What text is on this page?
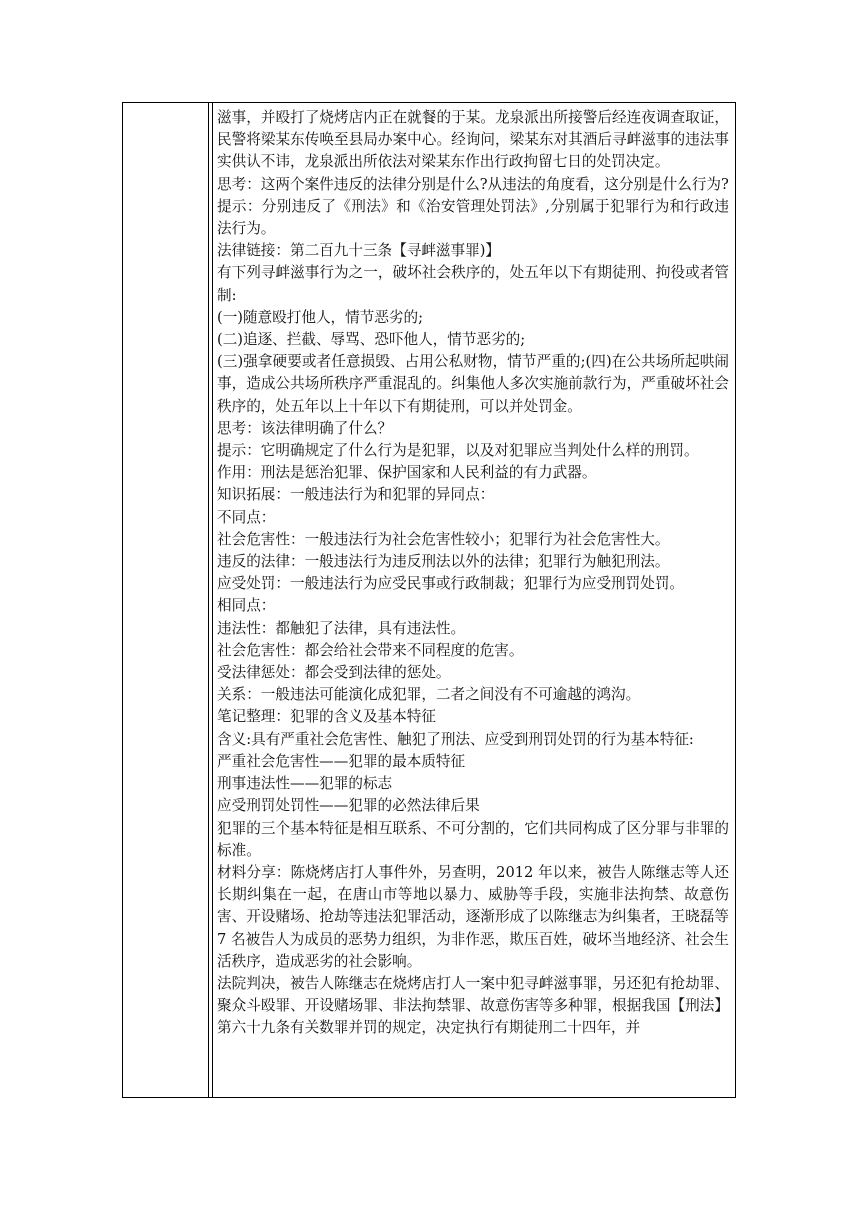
滋事，并殴打了烧烤店内正在就餐的于某。龙泉派出所接警后经连夜调查取证，民警将梁某东传唤至县局办案中心。经询问，梁某东对其酒后寻衅滋事的违法事实供认不讳，龙泉派出所依法对梁某东作出行政拘留七日的处罚决定。

思考：这两个案件违反的法律分别是什么?从违法的角度看，这分别是什么行为?

提示：分别违反了《刑法》和《治安管理处罚法》,分别属于犯罪行为和行政违法行为。

法律链接：第二百九十三条【寻衅滋事罪)】

有下列寻衅滋事行为之一，破坏社会秩序的，处五年以下有期徒刑、拘役或者管制:

(一)随意殴打他人，情节恶劣的;

(二)追逐、拦截、辱骂、恐吓他人，情节恶劣的;

(三)强拿硬要或者任意损毁、占用公私财物，情节严重的;(四)在公共场所起哄闹事，造成公共场所秩序严重混乱的。纠集他人多次实施前款行为，严重破坏社会秩序的，处五年以上十年以下有期徒刑，可以并处罚金。

思考：该法律明确了什么？

提示：它明确规定了什么行为是犯罪，以及对犯罪应当判处什么样的刑罚。

作用：刑法是惩治犯罪、保护国家和人民利益的有力武器。

知识拓展：一般违法行为和犯罪的异同点：

不同点：

社会危害性：一般违法行为社会危害性较小；犯罪行为社会危害性大。

违反的法律：一般违法行为违反刑法以外的法律；犯罪行为触犯刑法。

应受处罚：一般违法行为应受民事或行政制裁；犯罪行为应受刑罚处罚。

相同点：

违法性：都触犯了法律，具有违法性。

社会危害性：都会给社会带来不同程度的危害。

受法律惩处：都会受到法律的惩处。

关系：一般违法可能演化成犯罪，二者之间没有不可逾越的鸿沟。

笔记整理：犯罪的含义及基本特征

含义:具有严重社会危害性、触犯了刑法、应受到刑罚处罚的行为基本特征:

严重社会危害性——犯罪的最本质特征

刑事违法性——犯罪的标志

应受刑罚处罚性——犯罪的必然法律后果

犯罪的三个基本特征是相互联系、不可分割的，它们共同构成了区分罪与非罪的标准。

材料分享：陈烧烤店打人事件外，另查明，2012 年以来，被告人陈继志等人还长期纠集在一起，在唐山市等地以暴力、威胁等手段，实施非法拘禁、故意伤害、开设赌场、抢劫等违法犯罪活动，逐渐形成了以陈继志为纠集者，王晓磊等 7 名被告人为成员的恶势力组织，为非作恶，欺压百姓，破坏当地经济、社会生活秩序，造成恶劣的社会影响。

法院判决，被告人陈继志在烧烤店打人一案中犯寻衅滋事罪，另还犯有抢劫罪、聚众斗殴罪、开设赌场罪、非法拘禁罪、故意伤害等多种罪，根据我国【刑法】第六十九条有关数罪并罚的规定，决定执行有期徒刑二十四年，并
